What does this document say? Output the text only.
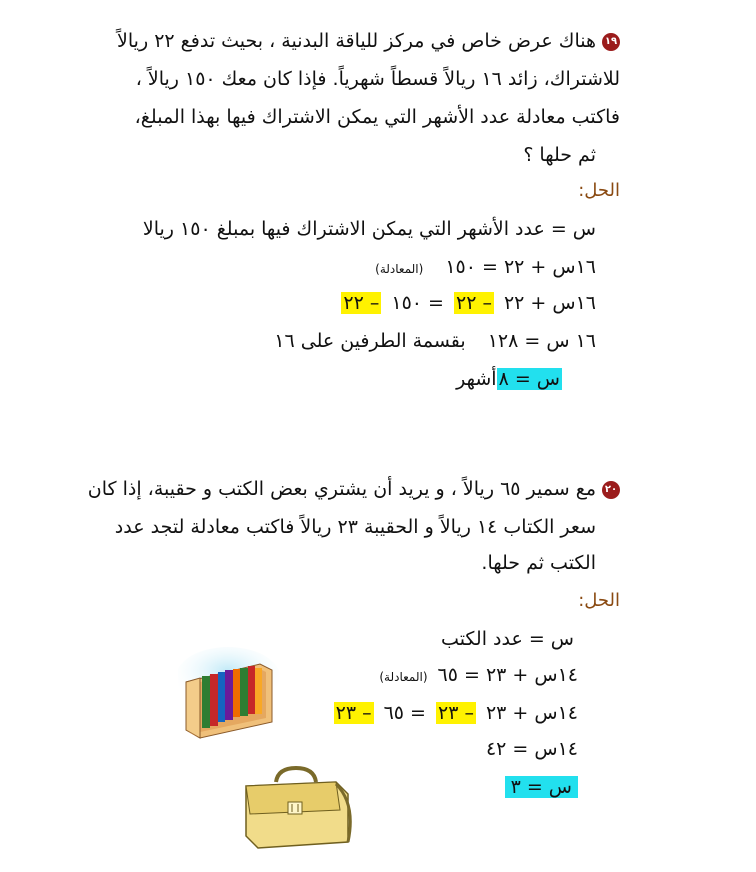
١٩هناك عرض خاص في مركز للياقة البدنية ، بحيث تدفع ٢٢ ريالاً
للاشتراك، زائد ١٦ ريالاً قسطاً شهرياً. فإذا كان معك ١٥٠ ريالاً ،
فاكتب معادلة عدد الأشهر التي يمكن الاشتراك فيها بهذا المبلغ،
ثم حلها ؟
الحل:
س = عدد الأشهر التي يمكن الاشتراك فيها بمبلغ ١٥٠ ريالا
١٦س + ٢٢ = ١٥٠(المعادلة)
١٦س + ٢٢– ٢٢= ١٥٠– ٢٢
١٦ س = ١٢٨بقسمة الطرفين على ١٦
س = ٨أشهر
٢٠مع سمير ٦٥ ريالاً ، و يريد أن يشتري بعض الكتب و حقيبة، إذا كان
سعر الكتاب ١٤ ريالاً و الحقيبة ٢٣ ريالاً فاكتب معادلة لتجد عدد
الكتب ثم حلها.
الحل:
س = عدد الكتب
١٤س + ٢٣ = ٦٥(المعادلة)
١٤س + ٢٣– ٢٣= ٦٥– ٢٣
١٤س = ٤٢
س = ٣
